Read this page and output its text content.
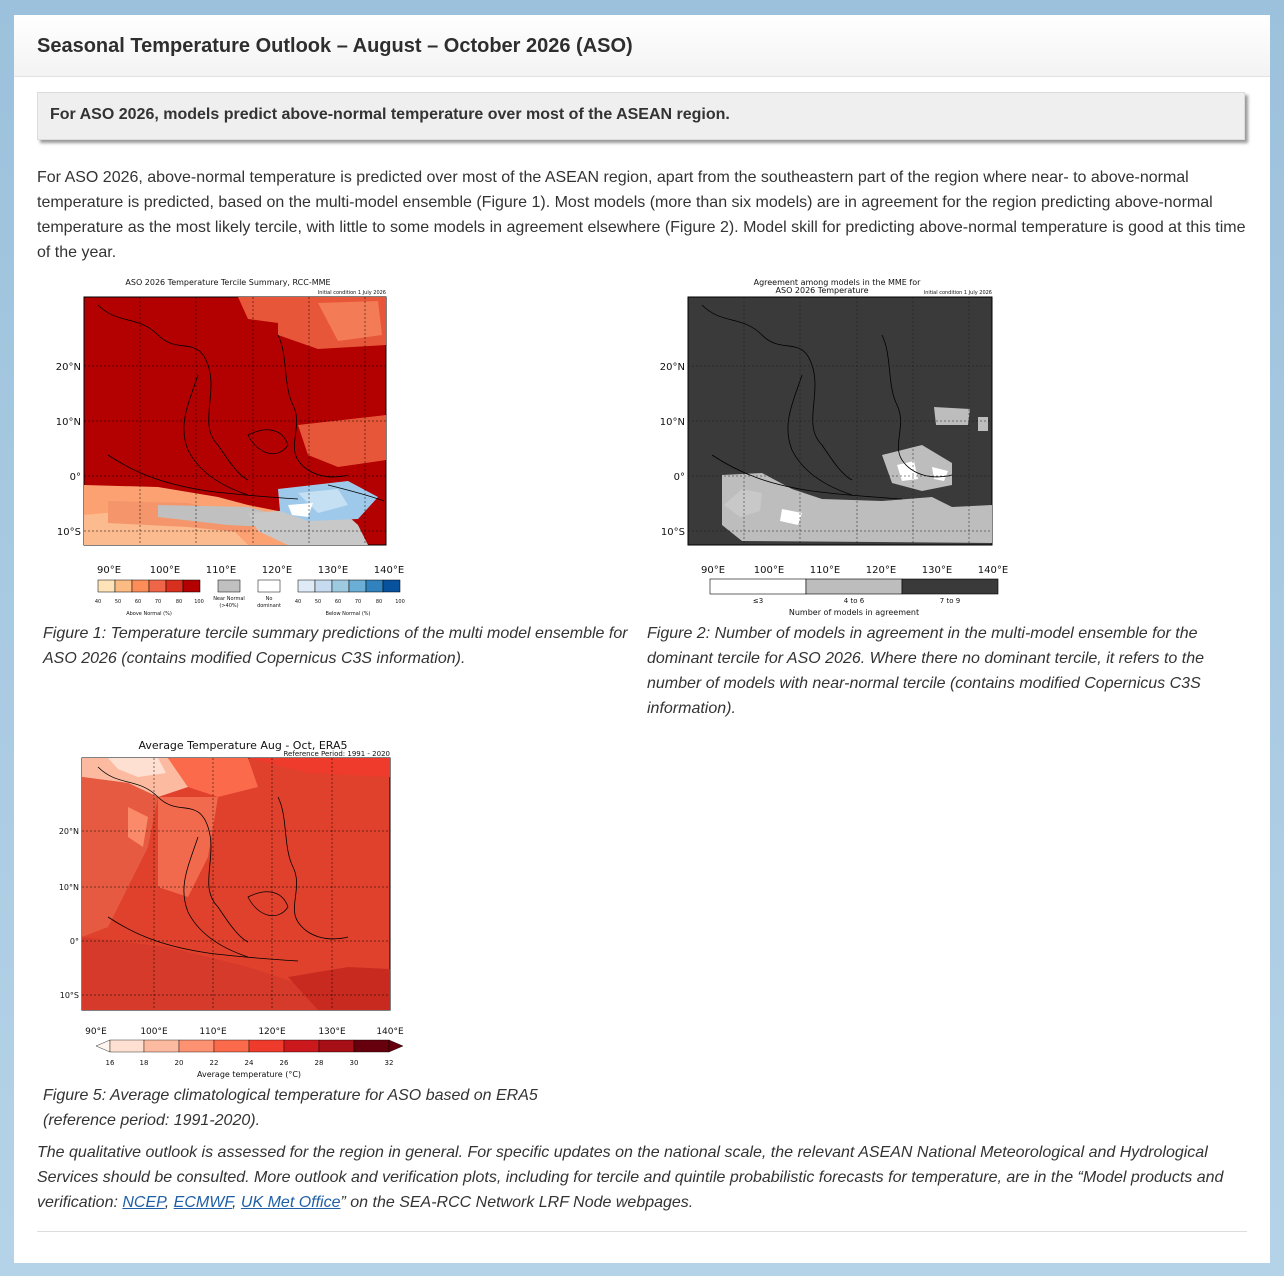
Seasonal Temperature Outlook – August – October 2026 (ASO)
For ASO 2026, models predict above-normal temperature over most of the ASEAN region.

For ASO 2026, above-normal temperature is predicted over most of the ASEAN region, apart from the southeastern part of the region where near- to above-normal temperature is predicted, based on the multi-model ensemble (Figure 1). Most models (more than six models) are in agreement for the region predicting above-normal temperature as the most likely tercile, with little to some models in agreement elsewhere (Figure 2). Model skill for predicting above-normal temperature is good at this time of the year.

ASO 2026 Temperature Tercile Summary, RCC-MME
Initial condition 1 July 2026
20°N
10°N
0°
10°S
90°E	100°E	110°E	120°E	130°E	140°E
40	50	60	70	80 100
Above Normal (%)
Near Normal
(>40%)
No
dominant
40	50	60	70	80	100
Below Normal (%)

Figure 1: Temperature tercile summary predictions of the multi model ensemble for ASO 2026 (contains modified Copernicus C3S information).

Agreement among models in the MME for
ASO 2026 Temperature	Initial condition 1 July 2026
20°N
10°N
0°
10°S
90°E	100°E	110°E	120°E	130°E	140°E
≤3	4 to 6	7 to 9
Number of models in agreement

Figure 2: Number of models in agreement in the multi-model ensemble for the dominant tercile for ASO 2026. Where there no dominant tercile, it refers to the number of models with near-normal tercile (contains modified Copernicus C3S information).

Average Temperature Aug - Oct, ERA5
Reference Period: 1991 - 2020
20°N
10°N
0°
10°S
90°E	100°E	110°E	120°E	130°E	140°E
16	18	20	22	24	26	28	30	32
Average temperature (°C)

Figure 5: Average climatological temperature for ASO based on ERA5 (reference period: 1991-2020).

The qualitative outlook is assessed for the region in general. For specific updates on the national scale, the relevant ASEAN National Meteorological and Hydrological Services should be consulted. More outlook and verification plots, including for tercile and quintile probabilistic forecasts for temperature, are in the “Model products and verification: NCEP, ECMWF, UK Met Office” on the SEA-RCC Network LRF Node webpages.
